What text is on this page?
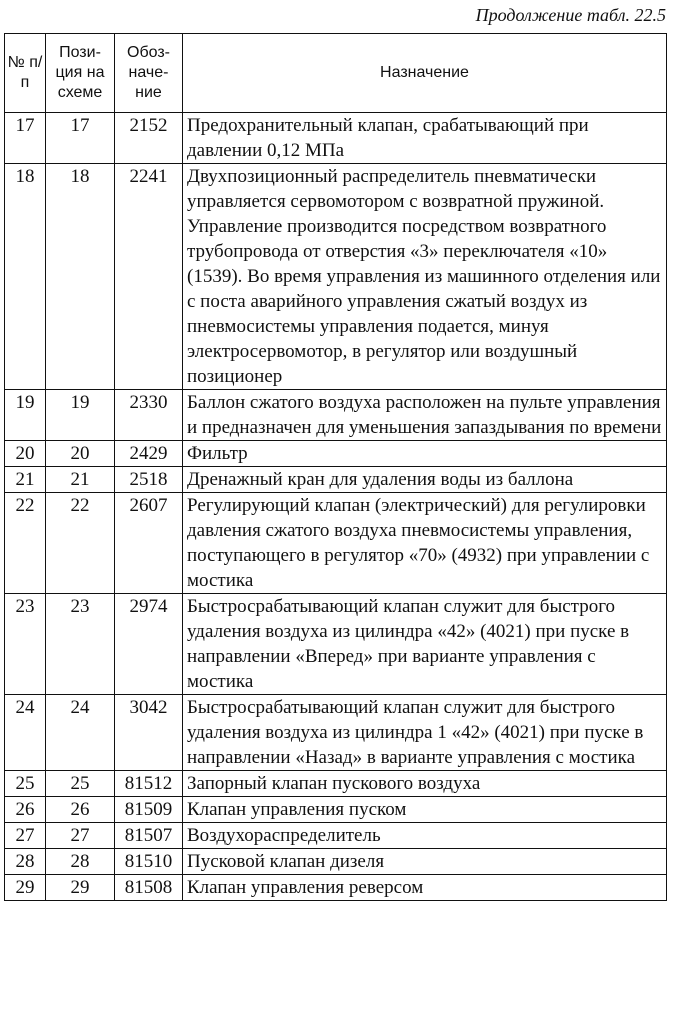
Продолжение табл. 22.5
№ п/п	Пози-ция на схеме	Обоз-наче-ние	Назначение
17	17	2152	Предохранительный клапан, срабатывающий при давлении 0,12 МПа
18	18	2241	Двухпозиционный распределитель пневматически управляется сервомотором с возвратной пружиной. Управление производится посредством возвратного трубопровода от отверстия «3» переключателя «10» (1539). Во время управления из машинного отделения или с поста аварийного управления сжатый воздух из пневмосистемы управления подается, минуя электросервомотор, в регулятор или воздушный позиционер
19	19	2330	Баллон сжатого воздуха расположен на пульте управления и предназначен для уменьшения запаздывания по времени
20	20	2429	Фильтр
21	21	2518	Дренажный кран для удаления воды из баллона
22	22	2607	Регулирующий клапан (электрический) для регулировки давления сжатого воздуха пневмосистемы управления, поступающего в регулятор «70» (4932) при управлении с мостика
23	23	2974	Быстросрабатывающий клапан служит для быстрого удаления воздуха из цилиндра «42» (4021) при пуске в направлении «Вперед» при варианте управления с мостика
24	24	3042	Быстросрабатывающий клапан служит для быстрого удаления воздуха из цилиндра 1 «42» (4021) при пуске в направлении «Назад» в варианте управления с мостика
25	25	81512	Запорный клапан пускового воздуха
26	26	81509	Клапан управления пуском
27	27	81507	Воздухораспределитель
28	28	81510	Пусковой клапан дизеля
29	29	81508	Клапан управления реверсом
